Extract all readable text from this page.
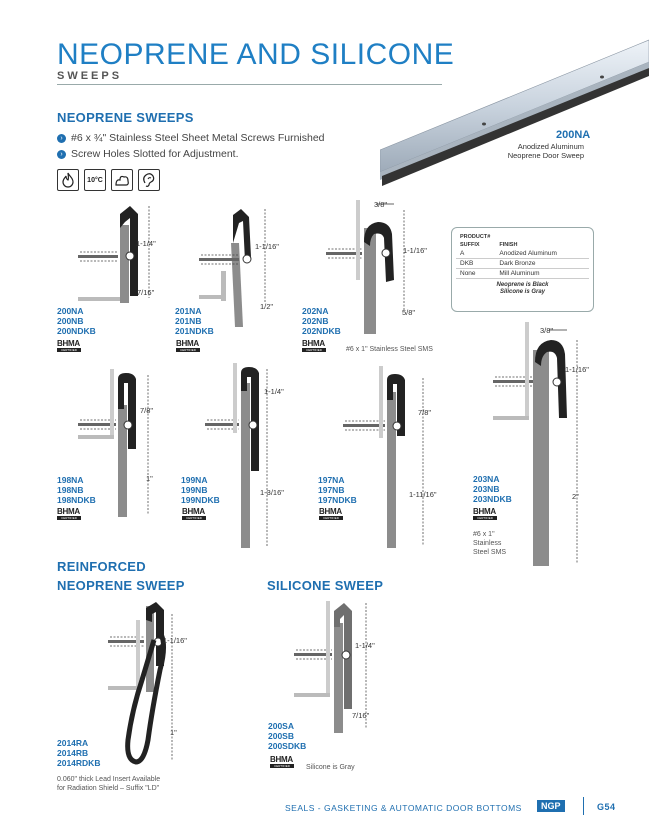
NEOPRENE AND SILICONE
SWEEPS
200NA
Anodized Aluminum
Neoprene Door Sweep
NEOPRENE SWEEPS
› #6 x ¾" Stainless Steel Sheet Metal Screws Furnished
› Screw Holes Slotted for Adjustment.
10°C
PRODUCT#	
SUFFIX	FINISH
A	Anodized Aluminum
DKB	Dark Bronze
None	Mill Aluminum
Neoprene is Black
Silicone is Gray
1-1/4"
7/16"
200NA
200NB
200NDKB
BHMA
CERTIFIED
1-1/16"
1/2"
201NA
201NB
201NDKB
BHMA
CERTIFIED
3/8"
1-1/16"
5/8"
202NA
202NB
202NDKB
BHMA
CERTIFIED	#6 x 1" Stainless Steel SMS
7/8"
1"
198NA
198NB
198NDKB
BHMA
CERTIFIED
1-1/4"
1-3/16"
199NA
199NB
199NDKB
BHMA
CERTIFIED
7/8"
1-11/16"
197NA
197NB
197NDKB
BHMA
CERTIFIED
3/8"
1-1/16"
2"
203NA
203NB
203NDKB
BHMA
CERTIFIED
#6 x 1"
Stainless
Steel SMS
REINFORCED
NEOPRENE SWEEP
1-1/16"
1"
2014RA
2014RB
2014RDKB
0.060" thick Lead Insert Available
for Radiation Shield – Suffix "LD"
SILICONE SWEEP
1-1/4"
7/16"
200SA
200SB
200SDKB
BHMA
CERTIFIED	Silicone is Gray
SEALS - GASKETING & AUTOMATIC DOOR BOTTOMS	NGP	G54
